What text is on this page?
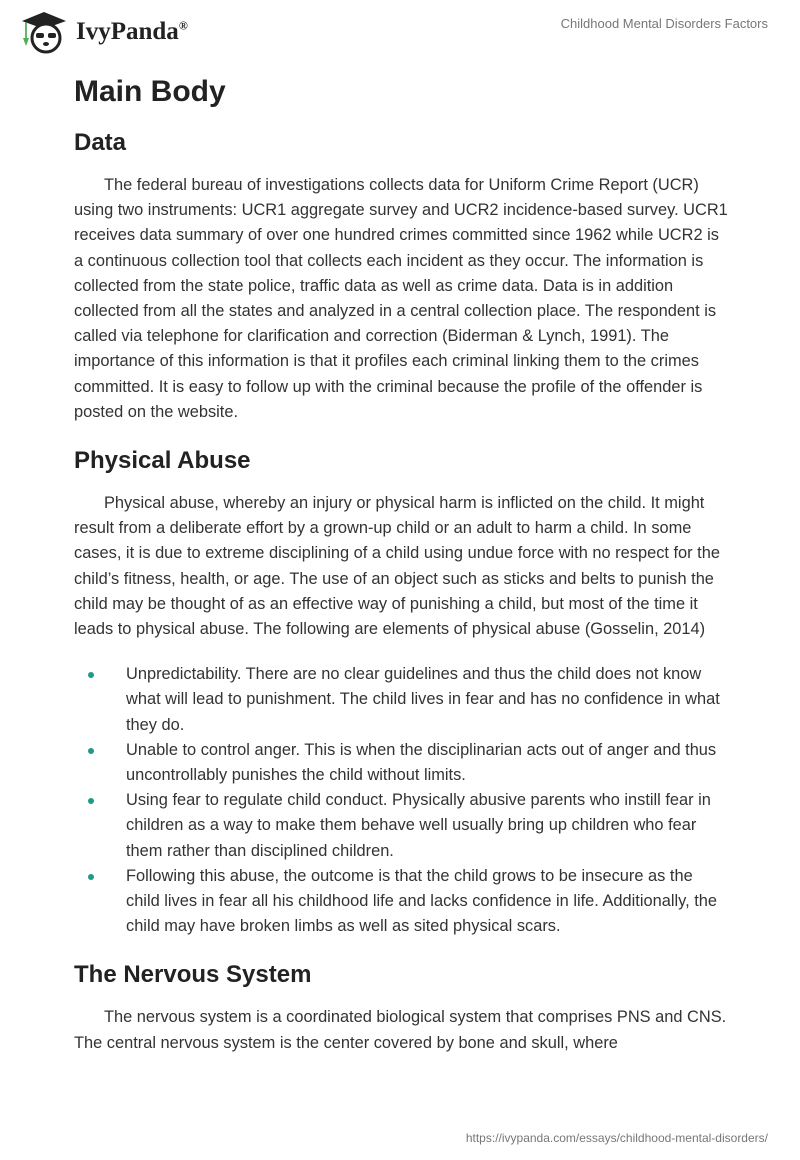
IvyPanda®	Childhood Mental Disorders Factors
Main Body
Data

The federal bureau of investigations collects data for Uniform Crime Report (UCR) using two instruments: UCR1 aggregate survey and UCR2 incidence-based survey. UCR1 receives data summary of over one hundred crimes committed since 1962 while UCR2 is a continuous collection tool that collects each incident as they occur. The information is collected from the state police, traffic data as well as crime data. Data is in addition collected from all the states and analyzed in a central collection place. The respondent is called via telephone for clarification and correction (Biderman & Lynch, 1991). The importance of this information is that it profiles each criminal linking them to the crimes committed. It is easy to follow up with the criminal because the profile of the offender is posted on the website.

Physical Abuse

Physical abuse, whereby an injury or physical harm is inflicted on the child. It might result from a deliberate effort by a grown-up child or an adult to harm a child. In some cases, it is due to extreme disciplining of a child using undue force with no respect for the child’s fitness, health, or age. The use of an object such as sticks and belts to punish the child may be thought of as an effective way of punishing a child, but most of the time it leads to physical abuse. The following are elements of physical abuse (Gosselin, 2014)

Unpredictability. There are no clear guidelines and thus the child does not know what will lead to punishment. The child lives in fear and has no confidence in what they do.
Unable to control anger. This is when the disciplinarian acts out of anger and thus uncontrollably punishes the child without limits.
Using fear to regulate child conduct. Physically abusive parents who instill fear in children as a way to make them behave well usually bring up children who fear them rather than disciplined children.
Following this abuse, the outcome is that the child grows to be insecure as the child lives in fear all his childhood life and lacks confidence in life. Additionally, the child may have broken limbs as well as sited physical scars.
The Nervous System

The nervous system is a coordinated biological system that comprises PNS and CNS. The central nervous system is the center covered by bone and skull, where

https://ivypanda.com/essays/childhood-mental-disorders/
